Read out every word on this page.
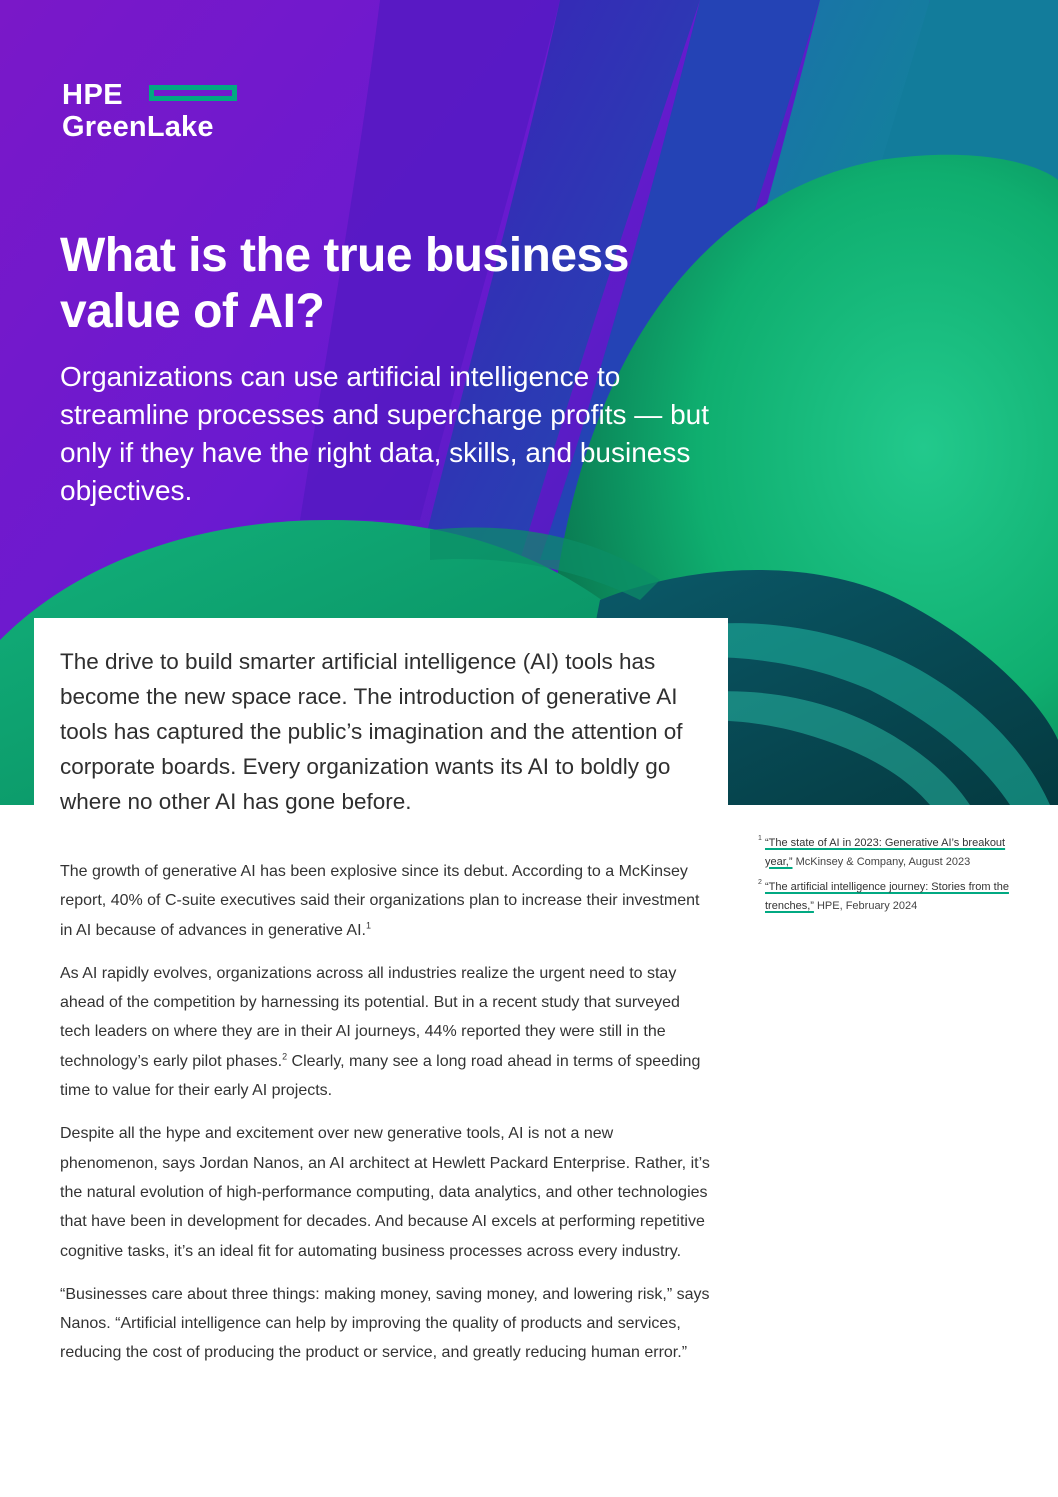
HPE
GreenLake
What is the true business value of AI?

Organizations can use artificial intelligence to streamline processes and supercharge profits — but only if they have the right data, skills, and business objectives.

The drive to build smarter artificial intelligence (AI) tools has become the new space race. The introduction of generative AI tools has captured the public’s imagination and the attention of corporate boards. Every organization wants its AI to boldly go where no other AI has gone before.

The growth of generative AI has been explosive since its debut. According to a McKinsey report, 40% of C-suite executives said their organizations plan to increase their investment in AI because of advances in generative AI.$^1$

As AI rapidly evolves, organizations across all industries realize the urgent need to stay ahead of the competition by harnessing its potential. But in a recent study that surveyed tech leaders on where they are in their AI journeys, 44% reported they were still in the technology’s early pilot phases.$^2$ Clearly, many see a long road ahead in terms of speeding time to value for their early AI projects.

Despite all the hype and excitement over new generative tools, AI is not a new phenomenon, says Jordan Nanos, an AI architect at Hewlett Packard Enterprise. Rather, it’s the natural evolution of high-performance computing, data analytics, and other technologies that have been in development for decades. And because AI excels at performing repetitive cognitive tasks, it’s an ideal fit for automating business processes across every industry.

“Businesses care about three things: making money, saving money, and lowering risk,” says Nanos. “Artificial intelligence can help by improving the quality of products and services, reducing the cost of producing the product or service, and greatly reducing human error.”

1 “The state of AI in 2023: Generative AI’s breakout year,” McKinsey & Company, August 2023
2 “The artificial intelligence journey: Stories from the trenches,” HPE, February 2024
